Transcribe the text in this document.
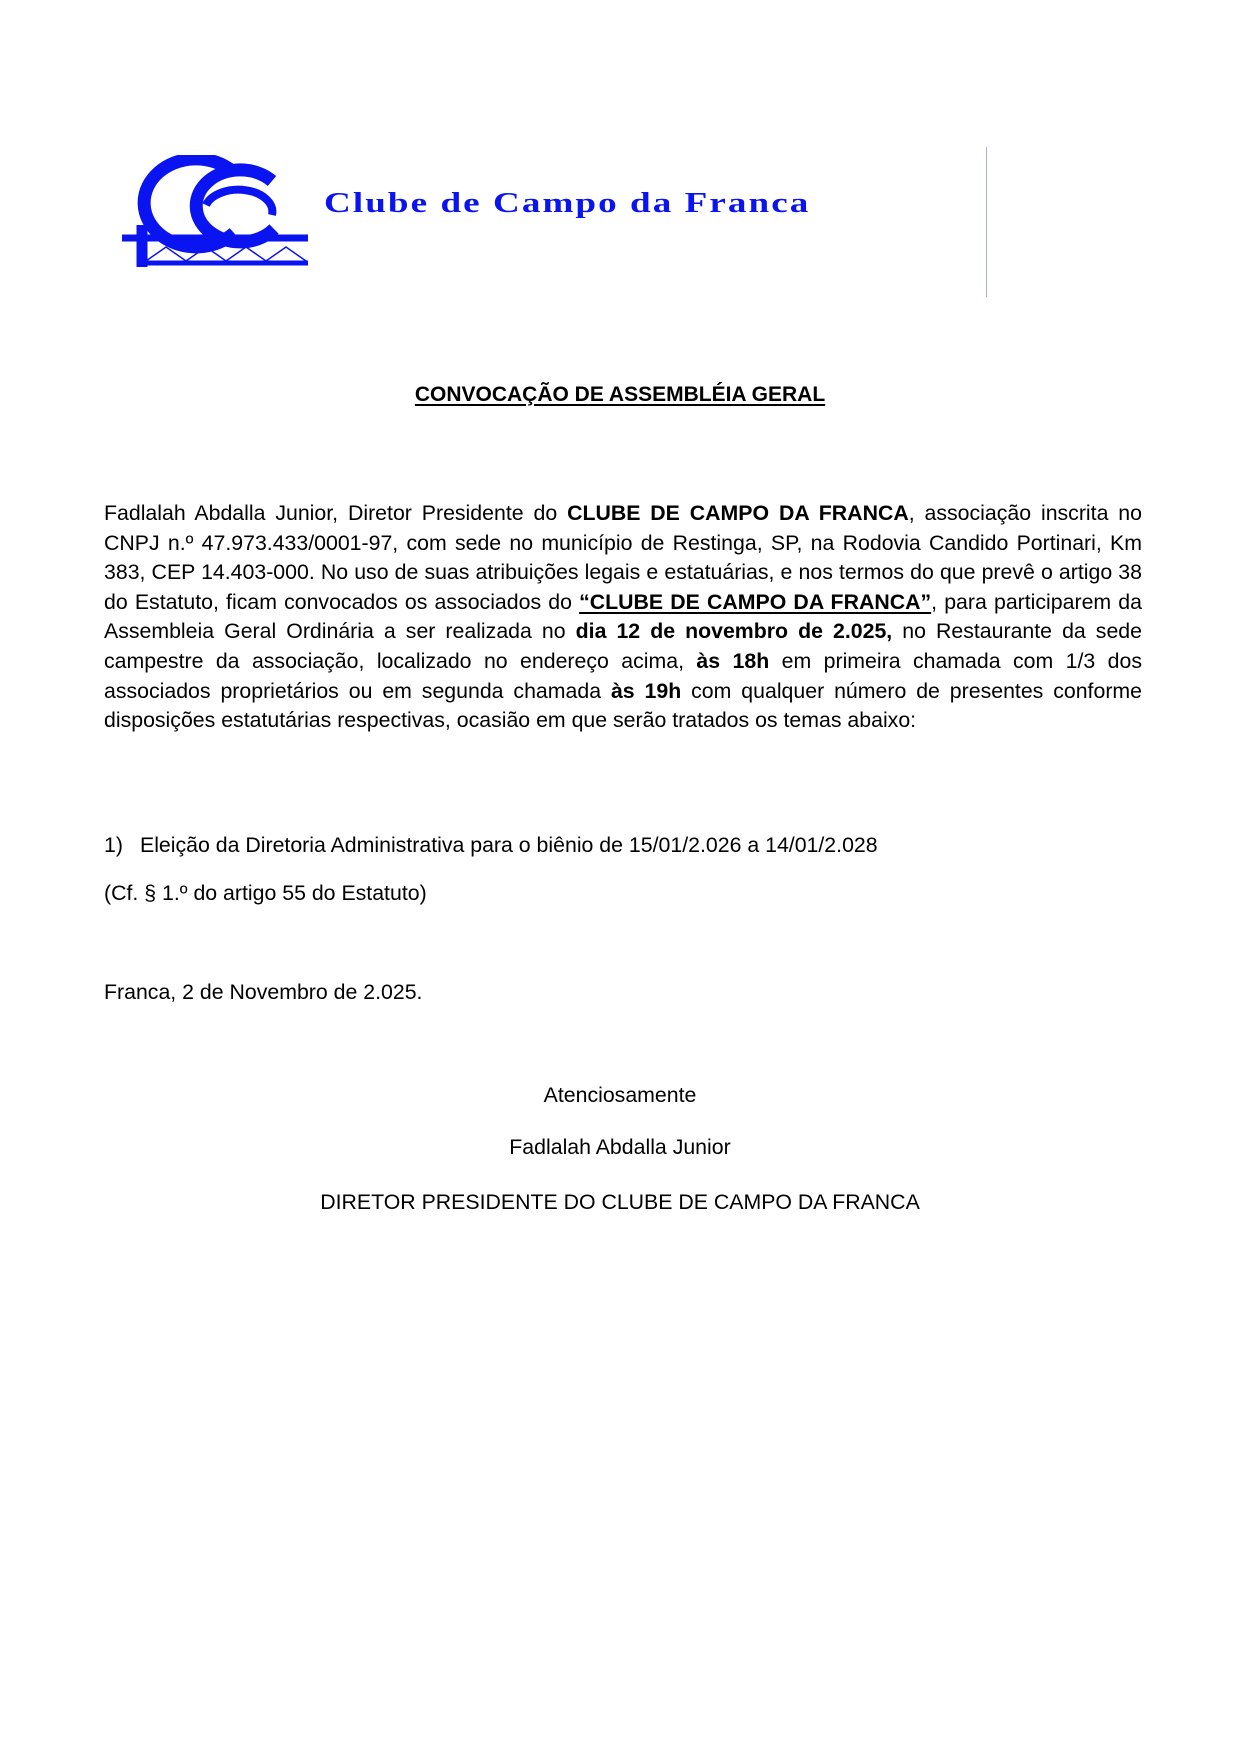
Clube de Campo da Franca
CONVOCAÇÃO DE ASSEMBLÉIA GERAL

Fadlalah Abdalla Junior, Diretor Presidente do CLUBE DE CAMPO DA FRANCA, associação inscrita no CNPJ n.º 47.973.433/0001-97, com sede no município de Restinga, SP, na Rodovia Candido Portinari, Km 383, CEP 14.403-000. No uso de suas atribuições legais e estatuárias, e nos termos do que prevê o artigo 38 do Estatuto, ficam convocados os associados do “CLUBE DE CAMPO DA FRANCA”, para participarem da Assembleia Geral Ordinária a ser realizada no dia 12 de novembro de 2.025, no Restaurante da sede campestre da associação, localizado no endereço acima, às 18h em primeira chamada com 1/3 dos associados proprietários ou em segunda chamada às 19h com qualquer número de presentes conforme disposições estatutárias respectivas, ocasião em que serão tratados os temas abaixo:

1) Eleição da Diretoria Administrativa para o biênio de 15/01/2.026 a 14/01/2.028
(Cf. § 1.º do artigo 55 do Estatuto)
Franca, 2 de Novembro de 2.025.
Atenciosamente
Fadlalah Abdalla Junior
DIRETOR PRESIDENTE DO CLUBE DE CAMPO DA FRANCA
